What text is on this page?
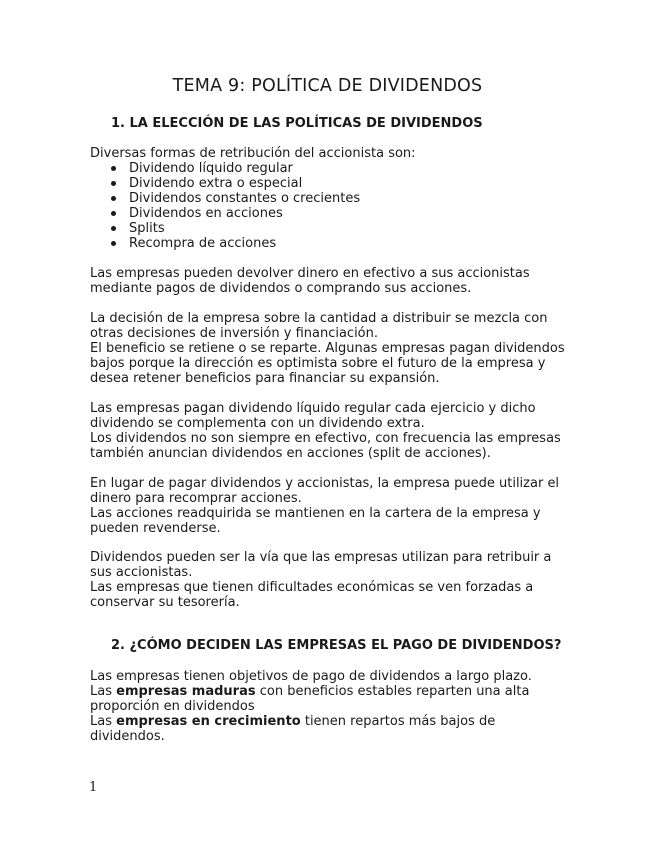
TEMA 9: POLÍTICA DE DIVIDENDOS
1. LA ELECCIÓN DE LAS POLÍTICAS DE DIVIDENDOS

Diversas formas de retribución del accionista son:

Dividendo líquido regular
Dividendo extra o especial
Dividendos constantes o crecientes
Dividendos en acciones
Splits
Recompra de acciones

Las empresas pueden devolver dinero en efectivo a sus accionistas

mediante pagos de dividendos o comprando sus acciones.

La decisión de la empresa sobre la cantidad a distribuir se mezcla con

otras decisiones de inversión y financiación.

El beneficio se retiene o se reparte. Algunas empresas pagan dividendos

bajos porque la dirección es optimista sobre el futuro de la empresa y

desea retener beneficios para financiar su expansión.

Las empresas pagan dividendo líquido regular cada ejercicio y dicho

dividendo se complementa con un dividendo extra.

Los dividendos no son siempre en efectivo, con frecuencia las empresas

también anuncian dividendos en acciones (split de acciones).

En lugar de pagar dividendos y accionistas, la empresa puede utilizar el

dinero para recomprar acciones.

Las acciones readquirida se mantienen en la cartera de la empresa y

pueden revenderse.

Dividendos pueden ser la vía que las empresas utilizan para retribuir a

sus accionistas.

Las empresas que tienen dificultades económicas se ven forzadas a

conservar su tesorería.

2. ¿CÓMO DECIDEN LAS EMPRESAS EL PAGO DE DIVIDENDOS?

Las empresas tienen objetivos de pago de dividendos a largo plazo.

Las empresas maduras con beneficios estables reparten una alta

proporción en dividendos

Las empresas en crecimiento tienen repartos más bajos de

dividendos.

1
